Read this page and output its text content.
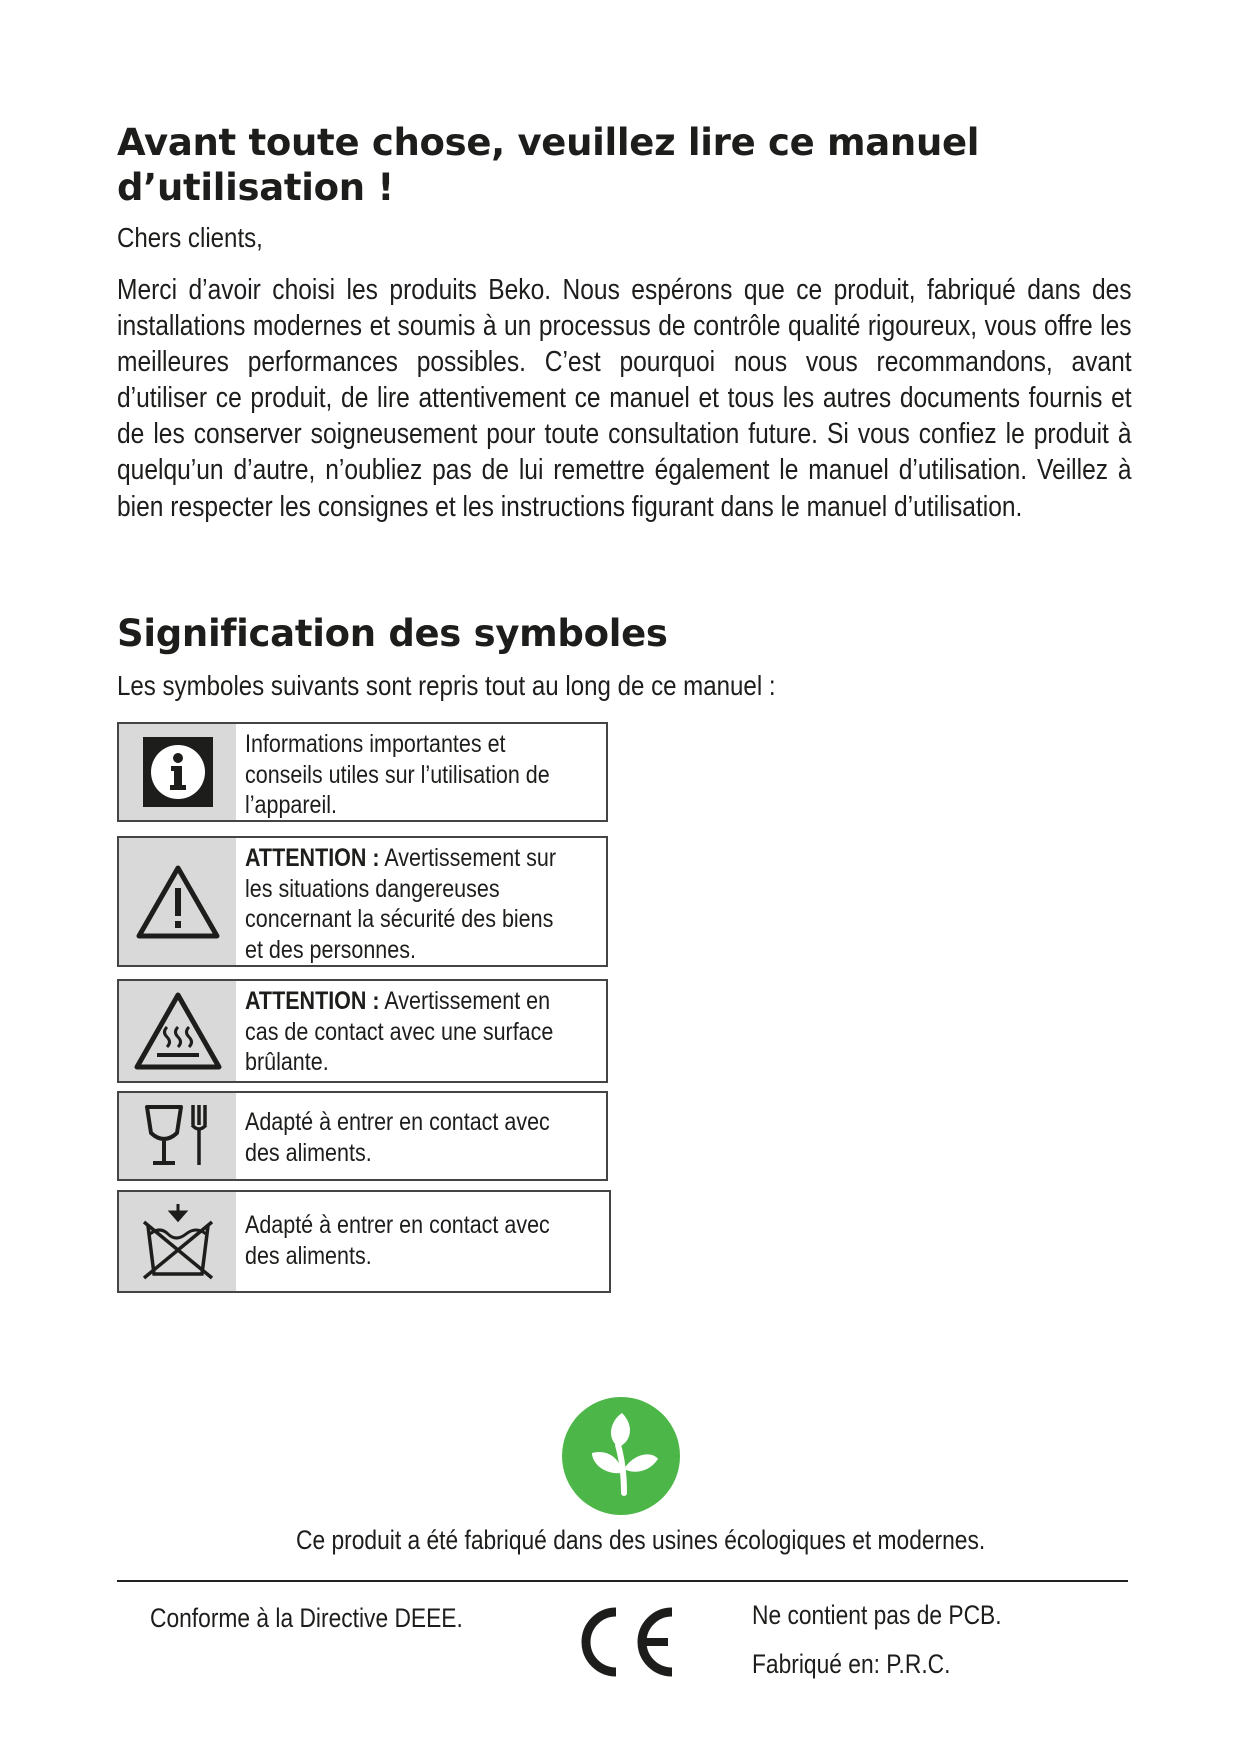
Avant toute chose, veuillez lire ce manuel d’utilisation !

Chers clients,

Merci d’avoir choisi les produits Beko. Nous espérons que ce produit, fabriqué dans des installations modernes et soumis à un processus de contrôle qualité rigoureux, vous offre les meilleures performances possibles. C’est pourquoi nous vous recommandons, avant d’utiliser ce produit, de lire attentivement ce manuel et tous les autres documents fournis et de les conserver soigneusement pour toute consultation future. Si vous confiez le produit à quelqu’un d’autre, n’oubliez pas de lui remettre également le manuel d’utilisation. Veillez à bien respecter les consignes et les instructions figurant dans le manuel d’utilisation.

Signification des symboles

Les symboles suivants sont repris tout au long de ce manuel :

Informations importantes et conseils utiles sur l’utilisation de l’appareil.

ATTENTION : Avertissement sur les situations dangereuses concernant la sécurité des biens et des personnes.

ATTENTION : Avertissement en cas de contact avec une surface brûlante.

Adapté à entrer en contact avec des aliments.

Adapté à entrer en contact avec des aliments.

Ce produit a été fabriqué dans des usines écologiques et modernes.

Conforme à la Directive DEEE.	Ne contient pas de PCB.

Fabriqué en: P.R.C.
